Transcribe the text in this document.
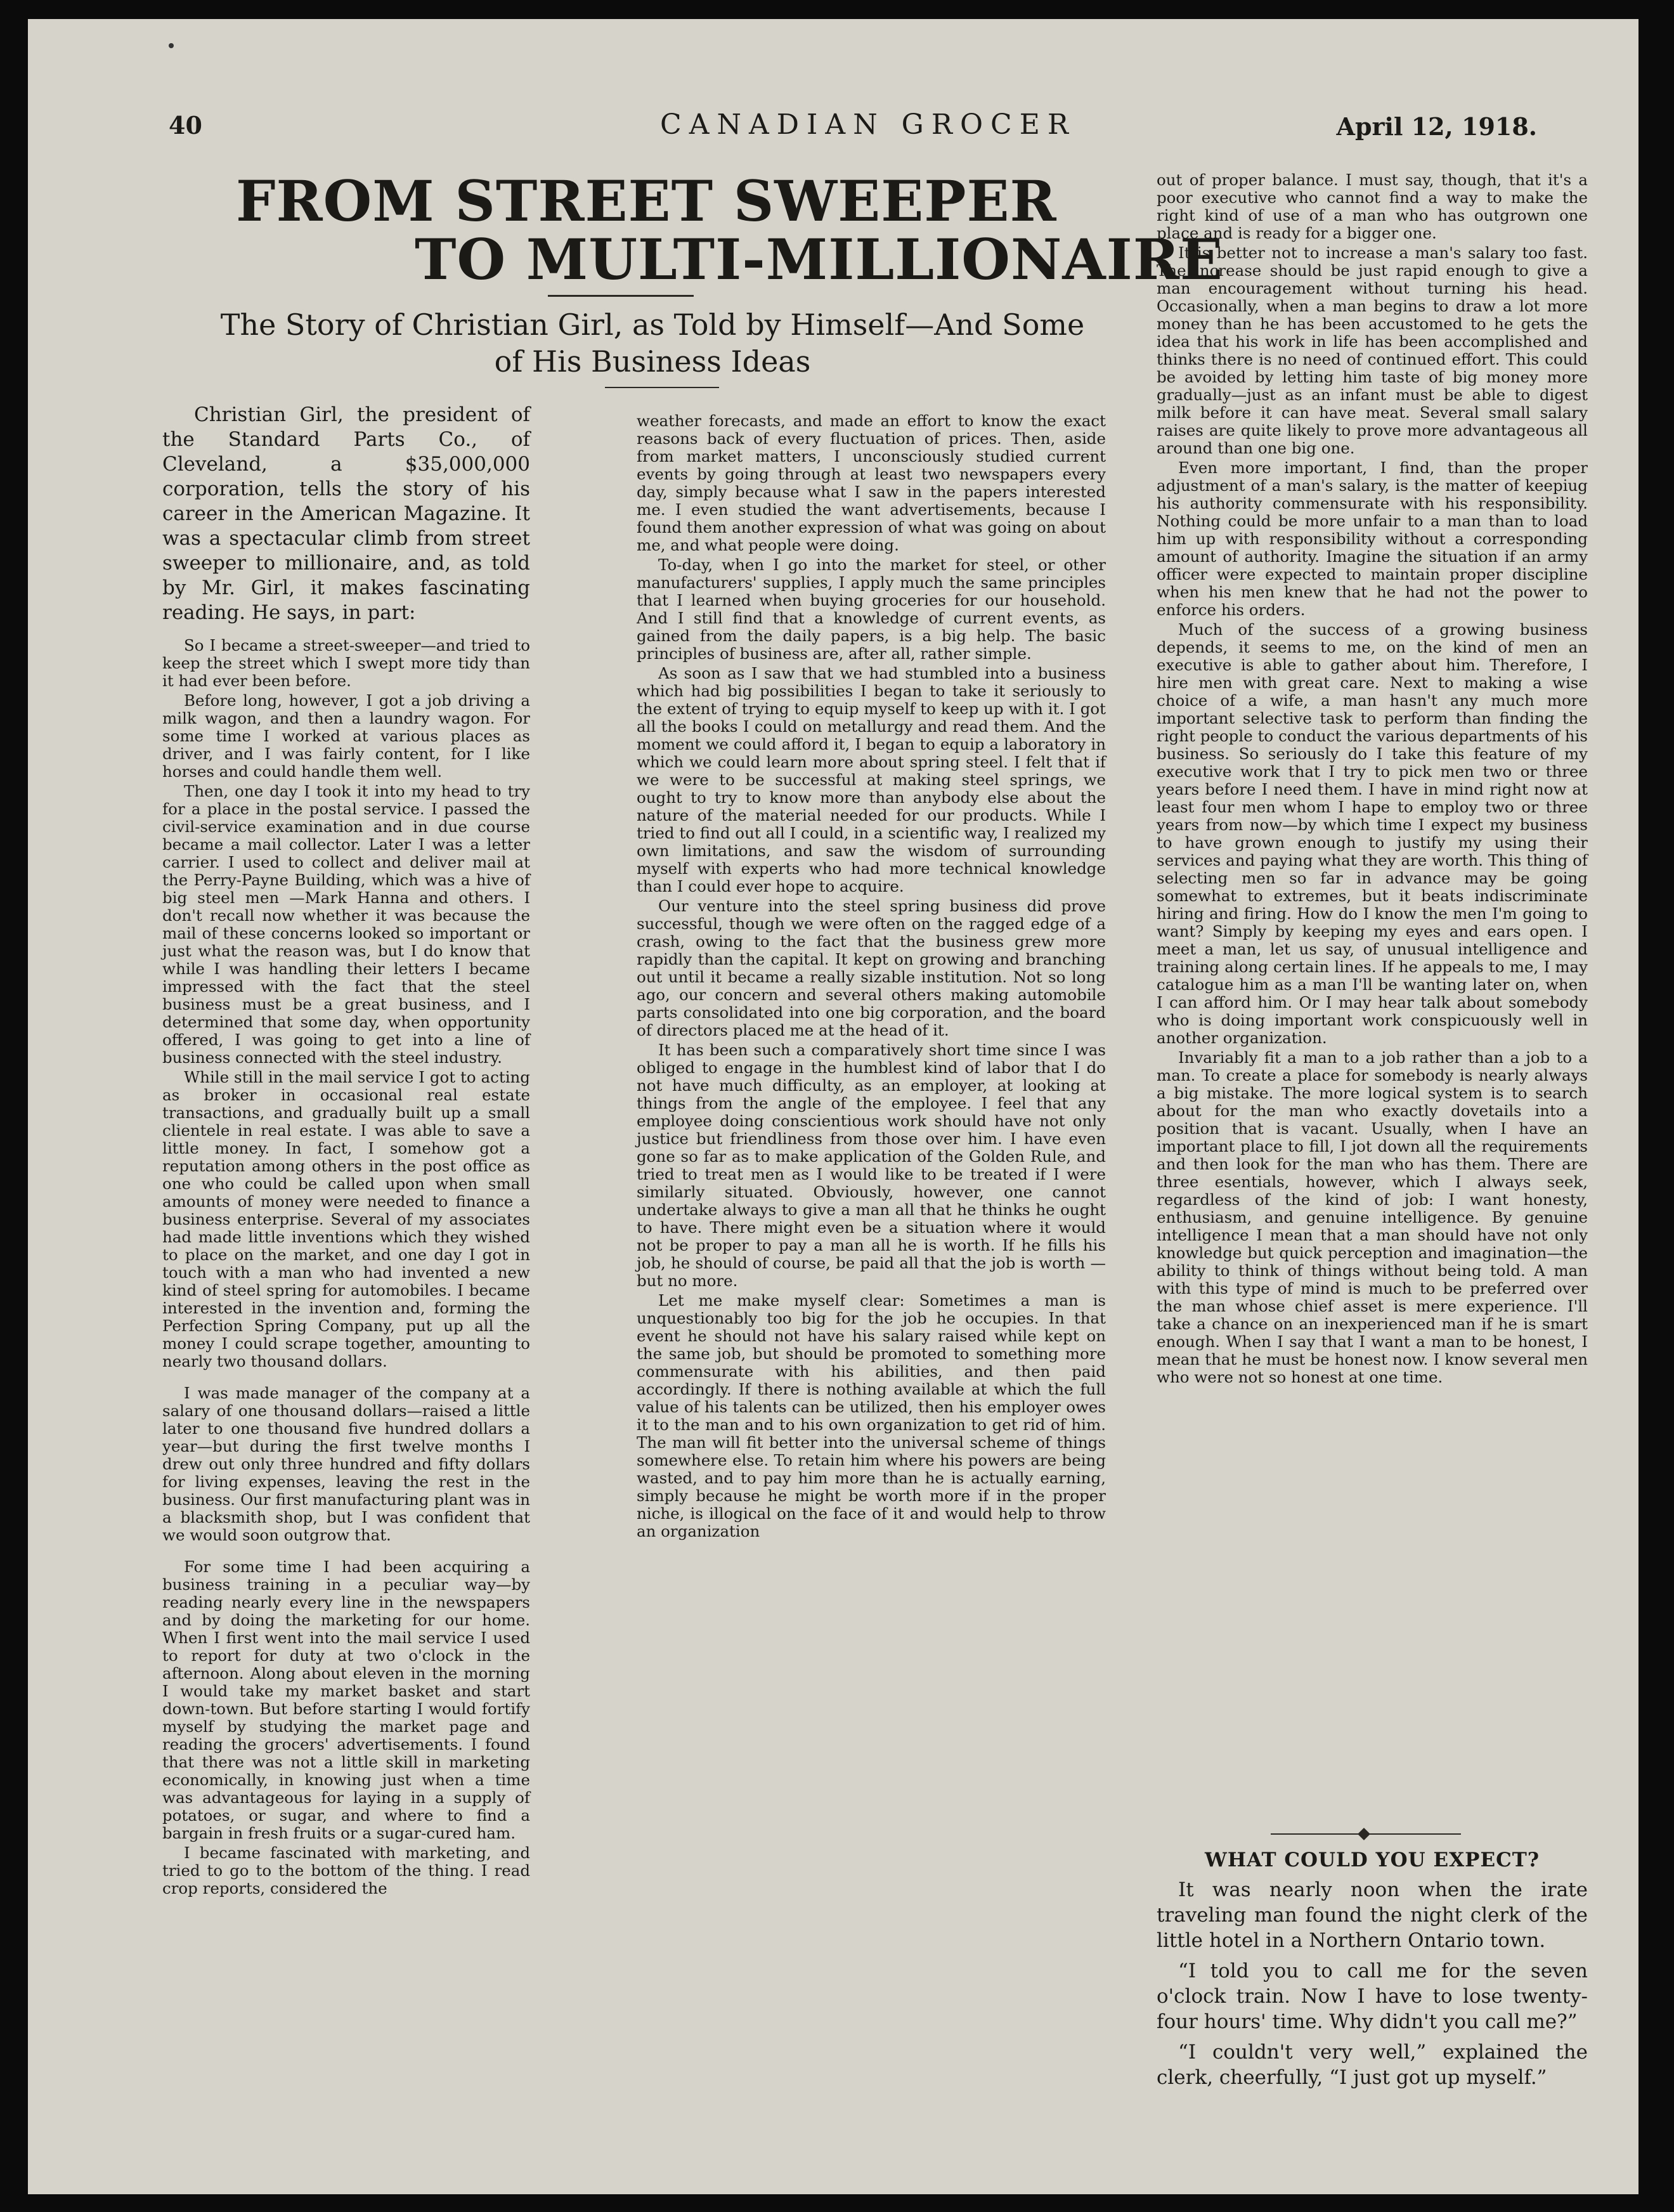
40	CANADIAN GROCER	April 12, 1918.
FROM STREET SWEEPER
TO MULTI-MILLIONAIRE
The Story of Christian Girl, as Told by Himself—And Some of His Business Ideas

Christian Girl, the president of the Standard Parts Co., of Cleveland, a $35,000,000 corporation, tells the story of his career in the American Magazine. It was a spectacular climb from street sweeper to millionaire, and, as told by Mr. Girl, it makes fascinating reading. He says, in part:

So I became a street-sweeper—and tried to keep the street which I swept more tidy than it had ever been before.

Before long, however, I got a job driving a milk wagon, and then a laundry wagon. For some time I worked at various places as driver, and I was fairly content, for I like horses and could handle them well.

Then, one day I took it into my head to try for a place in the postal service. I passed the civil-service examination and in due course became a mail collector. Later I was a letter carrier. I used to collect and deliver mail at the Perry-Payne Building, which was a hive of big steel men —Mark Hanna and others. I don't recall now whether it was because the mail of these concerns looked so important or just what the reason was, but I do know that while I was handling their letters I became impressed with the fact that the steel business must be a great business, and I determined that some day, when opportunity offered, I was going to get into a line of business connected with the steel industry.

While still in the mail service I got to acting as broker in occasional real estate transactions, and gradually built up a small clientele in real estate. I was able to save a little money. In fact, I somehow got a reputation among others in the post office as one who could be called upon when small amounts of money were needed to finance a business enterprise. Several of my associates had made little inventions which they wished to place on the market, and one day I got in touch with a man who had invented a new kind of steel spring for automobiles. I became interested in the invention and, forming the Perfection Spring Company, put up all the money I could scrape together, amounting to nearly two thousand dollars.

I was made manager of the company at a salary of one thousand dollars—raised a little later to one thousand five hundred dollars a year—but during the first twelve months I drew out only three hundred and fifty dollars for living expenses, leaving the rest in the business. Our first manufacturing plant was in a blacksmith shop, but I was confident that we would soon outgrow that.

For some time I had been acquiring a business training in a peculiar way—by reading nearly every line in the newspapers and by doing the marketing for our home. When I first went into the mail service I used to report for duty at two o'clock in the afternoon. Along about eleven in the morning I would take my market basket and start down-town. But before starting I would fortify myself by studying the market page and reading the grocers' advertisements. I found that there was not a little skill in marketing economically, in knowing just when a time was advantageous for laying in a supply of potatoes, or sugar, and where to find a bargain in fresh fruits or a sugar-cured ham.

I became fascinated with marketing, and tried to go to the bottom of the thing. I read crop reports, considered the

weather forecasts, and made an effort to know the exact reasons back of every fluctuation of prices. Then, aside from market matters, I unconsciously studied current events by going through at least two newspapers every day, simply because what I saw in the papers interested me. I even studied the want advertisements, because I found them another expression of what was going on about me, and what people were doing.

To-day, when I go into the market for steel, or other manufacturers' supplies, I apply much the same principles that I learned when buying groceries for our household. And I still find that a knowledge of current events, as gained from the daily papers, is a big help. The basic principles of business are, after all, rather simple.

As soon as I saw that we had stumbled into a business which had big possibilities I began to take it seriously to the extent of trying to equip myself to keep up with it. I got all the books I could on metallurgy and read them. And the moment we could afford it, I began to equip a laboratory in which we could learn more about spring steel. I felt that if we were to be successful at making steel springs, we ought to try to know more than anybody else about the nature of the material needed for our products. While I tried to find out all I could, in a scientific way, I realized my own limitations, and saw the wisdom of surrounding myself with experts who had more technical knowledge than I could ever hope to acquire.

Our venture into the steel spring business did prove successful, though we were often on the ragged edge of a crash, owing to the fact that the business grew more rapidly than the capital. It kept on growing and branching out until it became a really sizable institution. Not so long ago, our concern and several others making automobile parts consolidated into one big corporation, and the board of directors placed me at the head of it.

It has been such a comparatively short time since I was obliged to engage in the humblest kind of labor that I do not have much difficulty, as an employer, at looking at things from the angle of the employee. I feel that any employee doing conscientious work should have not only justice but friendliness from those over him. I have even gone so far as to make application of the Golden Rule, and tried to treat men as I would like to be treated if I were similarly situated. Obviously, however, one cannot undertake always to give a man all that he thinks he ought to have. There might even be a situation where it would not be proper to pay a man all he is worth. If he fills his job, he should of course, be paid all that the job is worth —but no more.

Let me make myself clear: Sometimes a man is unquestionably too big for the job he occupies. In that event he should not have his salary raised while kept on the same job, but should be promoted to something more commensurate with his abilities, and then paid accordingly. If there is nothing available at which the full value of his talents can be utilized, then his employer owes it to the man and to his own organization to get rid of him. The man will fit better into the universal scheme of things somewhere else. To retain him where his powers are being wasted, and to pay him more than he is actually earning, simply because he might be worth more if in the proper niche, is illogical on the face of it and would help to throw an organization

out of proper balance. I must say, though, that it's a poor executive who cannot find a way to make the right kind of use of a man who has outgrown one place and is ready for a bigger one.

It is better not to increase a man's salary too fast. The increase should be just rapid enough to give a man encouragement without turning his head. Occasionally, when a man begins to draw a lot more money than he has been accustomed to he gets the idea that his work in life has been accomplished and thinks there is no need of continued effort. This could be avoided by letting him taste of big money more gradually—just as an infant must be able to digest milk before it can have meat. Several small salary raises are quite likely to prove more advantageous all around than one big one.

Even more important, I find, than the proper adjustment of a man's salary, is the matter of keepiug his authority commensurate with his responsibility. Nothing could be more unfair to a man than to load him up with responsibility without a corresponding amount of authority. Imagine the situation if an army officer were expected to maintain proper discipline when his men knew that he had not the power to enforce his orders.

Much of the success of a growing business depends, it seems to me, on the kind of men an executive is able to gather about him. Therefore, I hire men with great care. Next to making a wise choice of a wife, a man hasn't any much more important selective task to perform than finding the right people to conduct the various departments of his business. So seriously do I take this feature of my executive work that I try to pick men two or three years before I need them. I have in mind right now at least four men whom I hape to employ two or three years from now—by which time I expect my business to have grown enough to justify my using their services and paying what they are worth. This thing of selecting men so far in advance may be going somewhat to extremes, but it beats indiscriminate hiring and firing. How do I know the men I'm going to want? Simply by keeping my eyes and ears open. I meet a man, let us say, of unusual intelligence and training along certain lines. If he appeals to me, I may catalogue him as a man I'll be wanting later on, when I can afford him. Or I may hear talk about somebody who is doing important work conspicuously well in another organization.

Invariably fit a man to a job rather than a job to a man. To create a place for somebody is nearly always a big mistake. The more logical system is to search about for the man who exactly dovetails into a position that is vacant. Usually, when I have an important place to fill, I jot down all the requirements and then look for the man who has them. There are three esentials, however, which I always seek, regardless of the kind of job: I want honesty, enthusiasm, and genuine intelligence. By genuine intelligence I mean that a man should have not only knowledge but quick perception and imagination—the ability to think of things without being told. A man with this type of mind is much to be preferred over the man whose chief asset is mere experience. I'll take a chance on an inexperienced man if he is smart enough. When I say that I want a man to be honest, I mean that he must be honest now. I know several men who were not so honest at one time.

WHAT COULD YOU EXPECT?

It was nearly noon when the irate traveling man found the night clerk of the little hotel in a Northern Ontario town.

“I told you to call me for the seven o'clock train. Now I have to lose twenty-four hours' time. Why didn't you call me?”

“I couldn't very well,” explained the clerk, cheerfully, “I just got up myself.”
